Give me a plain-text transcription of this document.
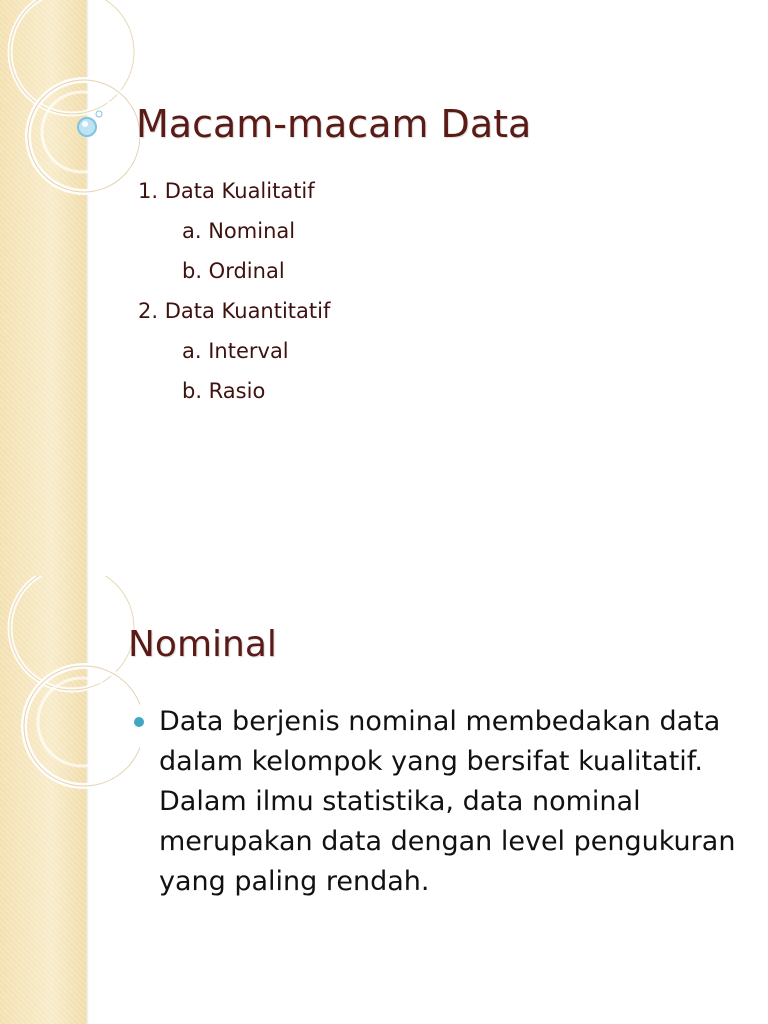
Macam-macam Data
1. Data Kualitatif
a. Nominal
b. Ordinal
2. Data Kuantitatif
a. Interval
b. Rasio
Nominal
Data berjenis nominal membedakan data dalam kelompok yang bersifat kualitatif. Dalam ilmu statistika, data nominal merupakan data dengan level pengukuran yang paling rendah.
